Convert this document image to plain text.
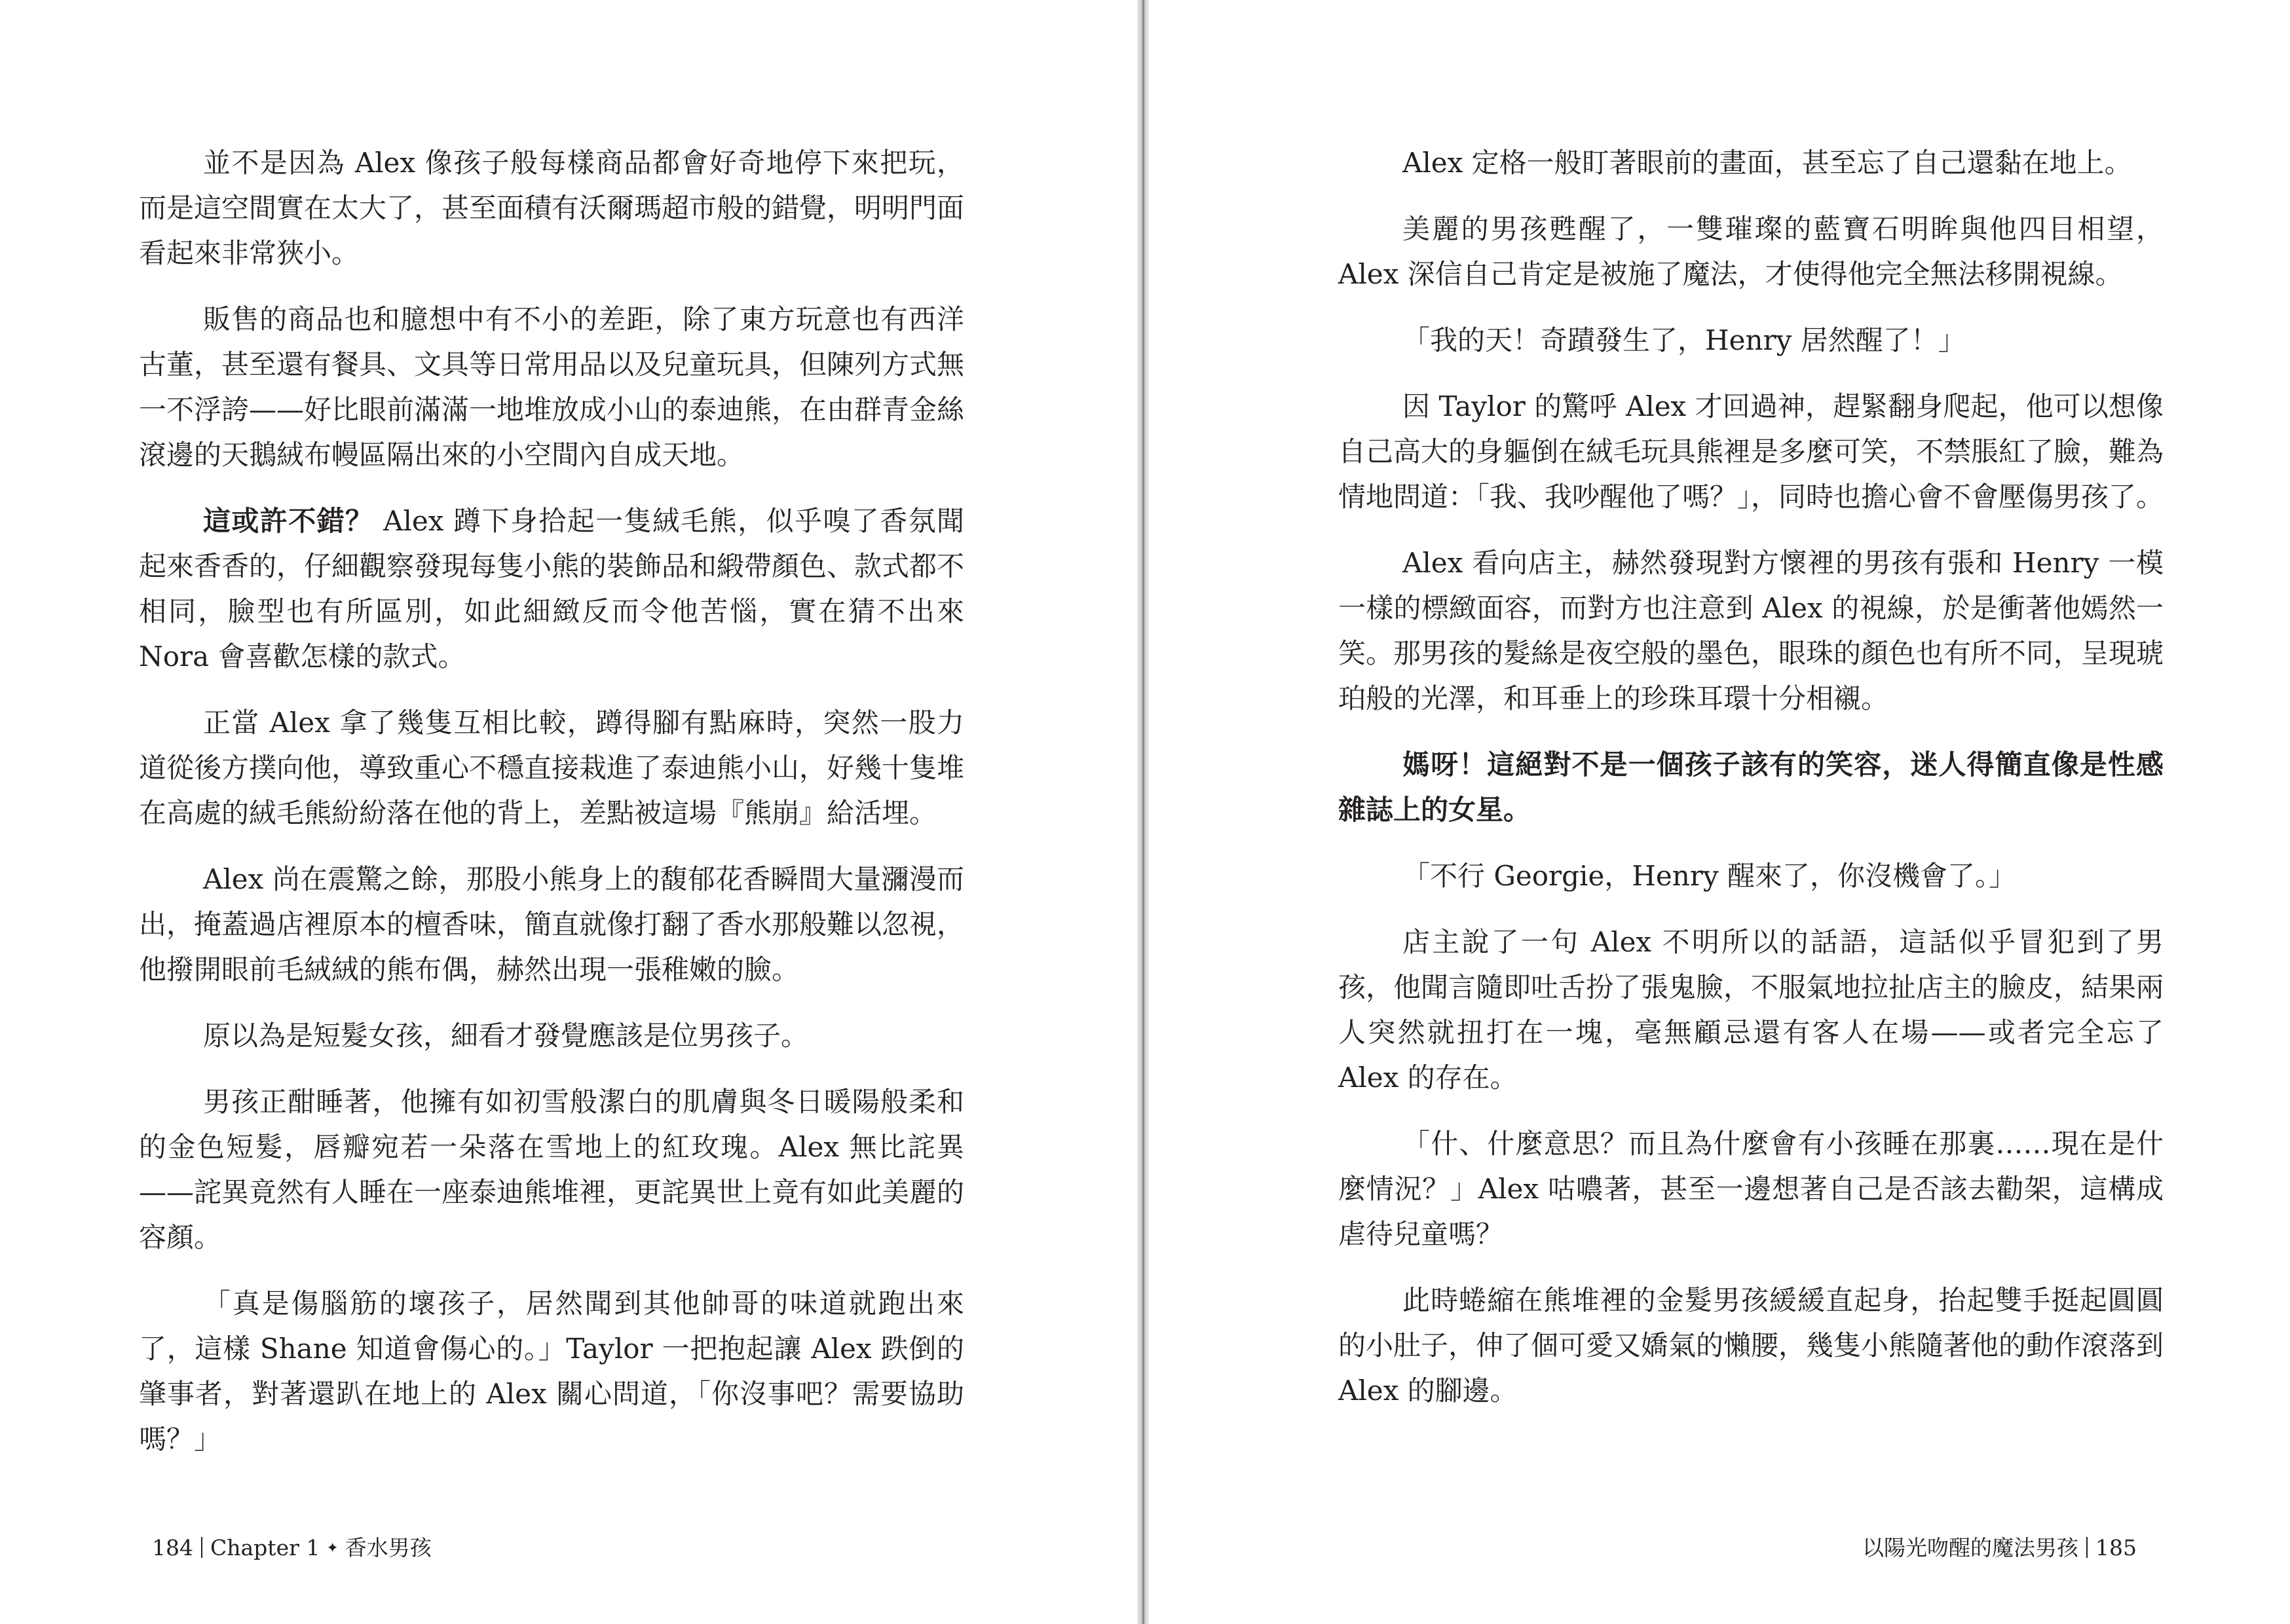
並不是因為 Alex 像孩子般每樣商品都會好奇地停下來把玩，而是這空間實在太大了，甚至面積有沃爾瑪超市般的錯覺，明明門面看起來非常狹小。

販售的商品也和臆想中有不小的差距，除了東方玩意也有西洋古董，甚至還有餐具、文具等日常用品以及兒童玩具，但陳列方式無一不浮誇——好比眼前滿滿一地堆放成小山的泰迪熊，在由群青金絲滾邊的天鵝絨布幔區隔出來的小空間內自成天地。

這或許不錯？ Alex 蹲下身拾起一隻絨毛熊，似乎嗅了香氛聞起來香香的，仔細觀察發現每隻小熊的裝飾品和緞帶顏色、款式都不相同，臉型也有所區別，如此細緻反而令他苦惱，實在猜不出來 Nora 會喜歡怎樣的款式。

正當 Alex 拿了幾隻互相比較，蹲得腳有點麻時，突然一股力道從後方撲向他，導致重心不穩直接栽進了泰迪熊小山，好幾十隻堆在高處的絨毛熊紛紛落在他的背上，差點被這場『熊崩』給活埋。

Alex 尚在震驚之餘，那股小熊身上的馥郁花香瞬間大量瀰漫而出，掩蓋過店裡原本的檀香味，簡直就像打翻了香水那般難以忽視，他撥開眼前毛絨絨的熊布偶，赫然出現一張稚嫩的臉。

原以為是短髮女孩，細看才發覺應該是位男孩子。

男孩正酣睡著，他擁有如初雪般潔白的肌膚與冬日暖陽般柔和的金色短髮，唇瓣宛若一朵落在雪地上的紅玫瑰。Alex 無比詫異——詫異竟然有人睡在一座泰迪熊堆裡，更詫異世上竟有如此美麗的容顏。

「真是傷腦筋的壞孩子，居然聞到其他帥哥的味道就跑出來了，這樣 Shane 知道會傷心的。」Taylor 一把抱起讓 Alex 跌倒的肇事者，對著還趴在地上的 Alex 關心問道，「你沒事吧？需要協助嗎？」

Alex 定格一般盯著眼前的畫面，甚至忘了自己還黏在地上。

美麗的男孩甦醒了，一雙璀璨的藍寶石明眸與他四目相望，Alex 深信自己肯定是被施了魔法，才使得他完全無法移開視線。

「我的天！奇蹟發生了，Henry 居然醒了！」

因 Taylor 的驚呼 Alex 才回過神，趕緊翻身爬起，他可以想像自己高大的身軀倒在絨毛玩具熊裡是多麼可笑，不禁脹紅了臉，難為情地問道：「我、我吵醒他了嗎？」，同時也擔心會不會壓傷男孩了。

Alex 看向店主，赫然發現對方懷裡的男孩有張和 Henry 一模一樣的標緻面容，而對方也注意到 Alex 的視線，於是衝著他嫣然一笑。那男孩的髮絲是夜空般的墨色，眼珠的顏色也有所不同，呈現琥珀般的光澤，和耳垂上的珍珠耳環十分相襯。

媽呀！這絕對不是一個孩子該有的笑容，迷人得簡直像是性感雜誌上的女星。

「不行 Georgie，Henry 醒來了，你沒機會了。」

店主說了一句 Alex 不明所以的話語，這話似乎冒犯到了男孩，他聞言隨即吐舌扮了張鬼臉，不服氣地拉扯店主的臉皮，結果兩人突然就扭打在一塊，毫無顧忌還有客人在場——或者完全忘了 Alex 的存在。

「什、什麼意思？而且為什麼會有小孩睡在那裏……現在是什麼情況？」Alex 咕噥著，甚至一邊想著自己是否該去勸架，這構成虐待兒童嗎？

此時蜷縮在熊堆裡的金髮男孩緩緩直起身，抬起雙手挺起圓圓的小肚子，伸了個可愛又嬌氣的懶腰，幾隻小熊隨著他的動作滾落到 Alex 的腳邊。

184 Chapter 1 ✦ 香水男孩	以陽光吻醒的魔法男孩 185
